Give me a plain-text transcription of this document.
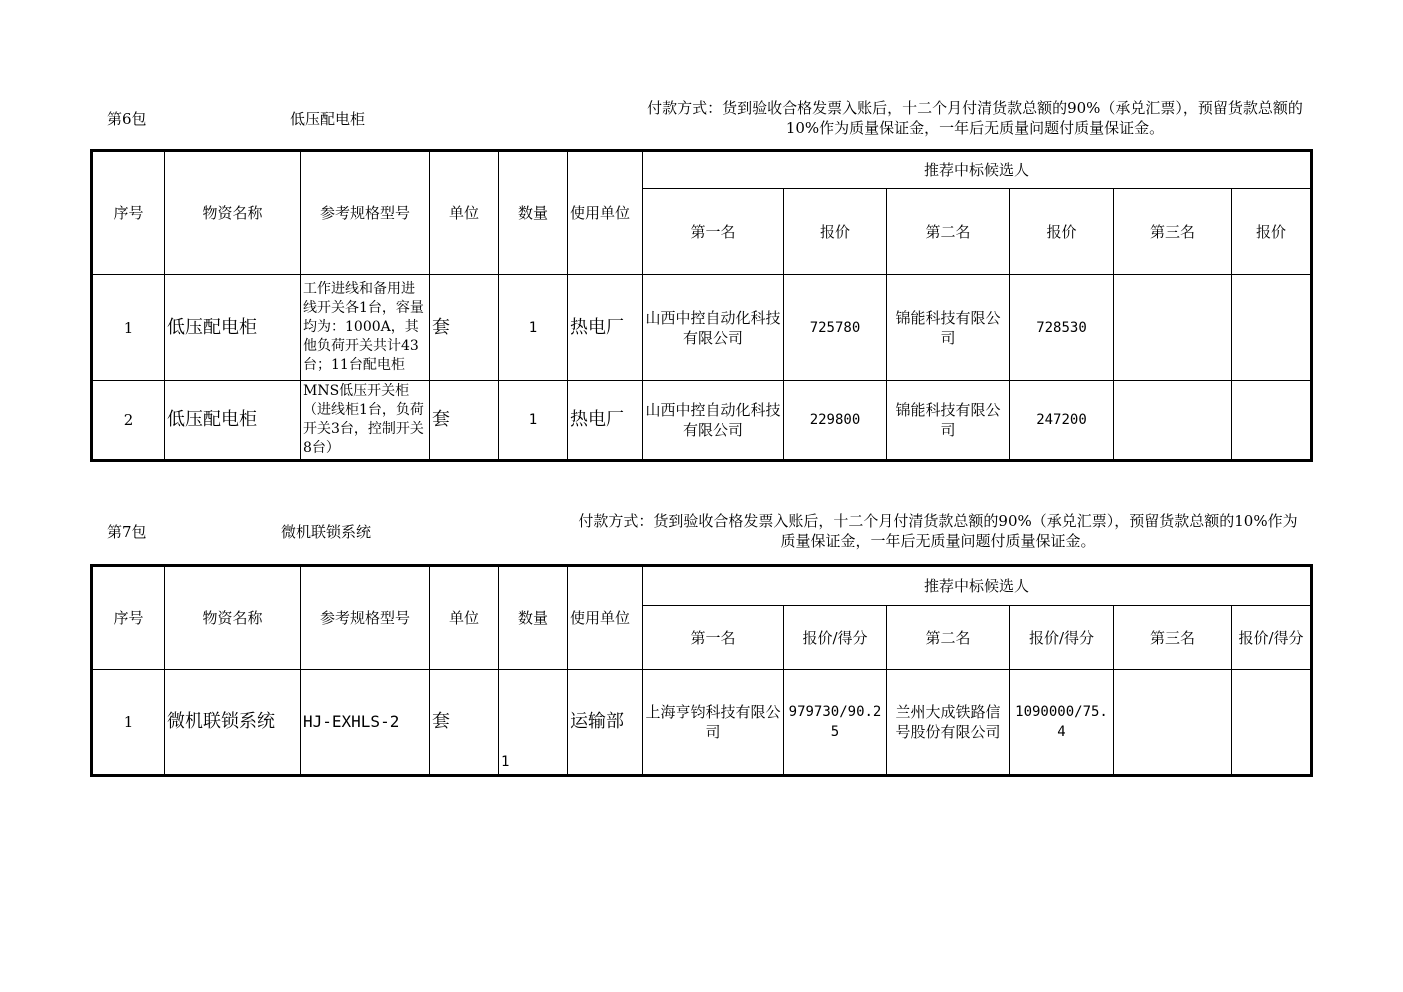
第6包	低压配电柜
付款方式：货到验收合格发票入账后，十二个月付清货款总额的90%（承兑汇票），预留货款总额的10%作为质量保证金，一年后无质量问题付质量保证金。
序号	物资名称	参考规格型号	单位	数量	使用单位	推荐中标候选人					
						第一名	报价	第二名	报价	第三名	报价
1	低压配电柜	工作进线和备用进线开关各1台，容量均为：1000A，其他负荷开关共计43台；11台配电柜	套	1	热电厂	山西中控自动化科技有限公司	725780	锦能科技有限公司	728530		
2	低压配电柜	MNS低压开关柜（进线柜1台，负荷开关3台，控制开关8台）	套	1	热电厂	山西中控自动化科技有限公司	229800	锦能科技有限公司	247200		
第7包	微机联锁系统
付款方式：货到验收合格发票入账后，十二个月付清货款总额的90%（承兑汇票），预留货款总额的10%作为质量保证金，一年后无质量问题付质量保证金。
序号	物资名称	参考规格型号	单位	数量	使用单位	推荐中标候选人					
						第一名	报价/得分	第二名	报价/得分	第三名	报价/得分
1	微机联锁系统	HJ-EXHLS-2	套	1	运输部	上海亨钧科技有限公司	979730/90.25	兰州大成铁路信号股份有限公司	1090000/75.4		
